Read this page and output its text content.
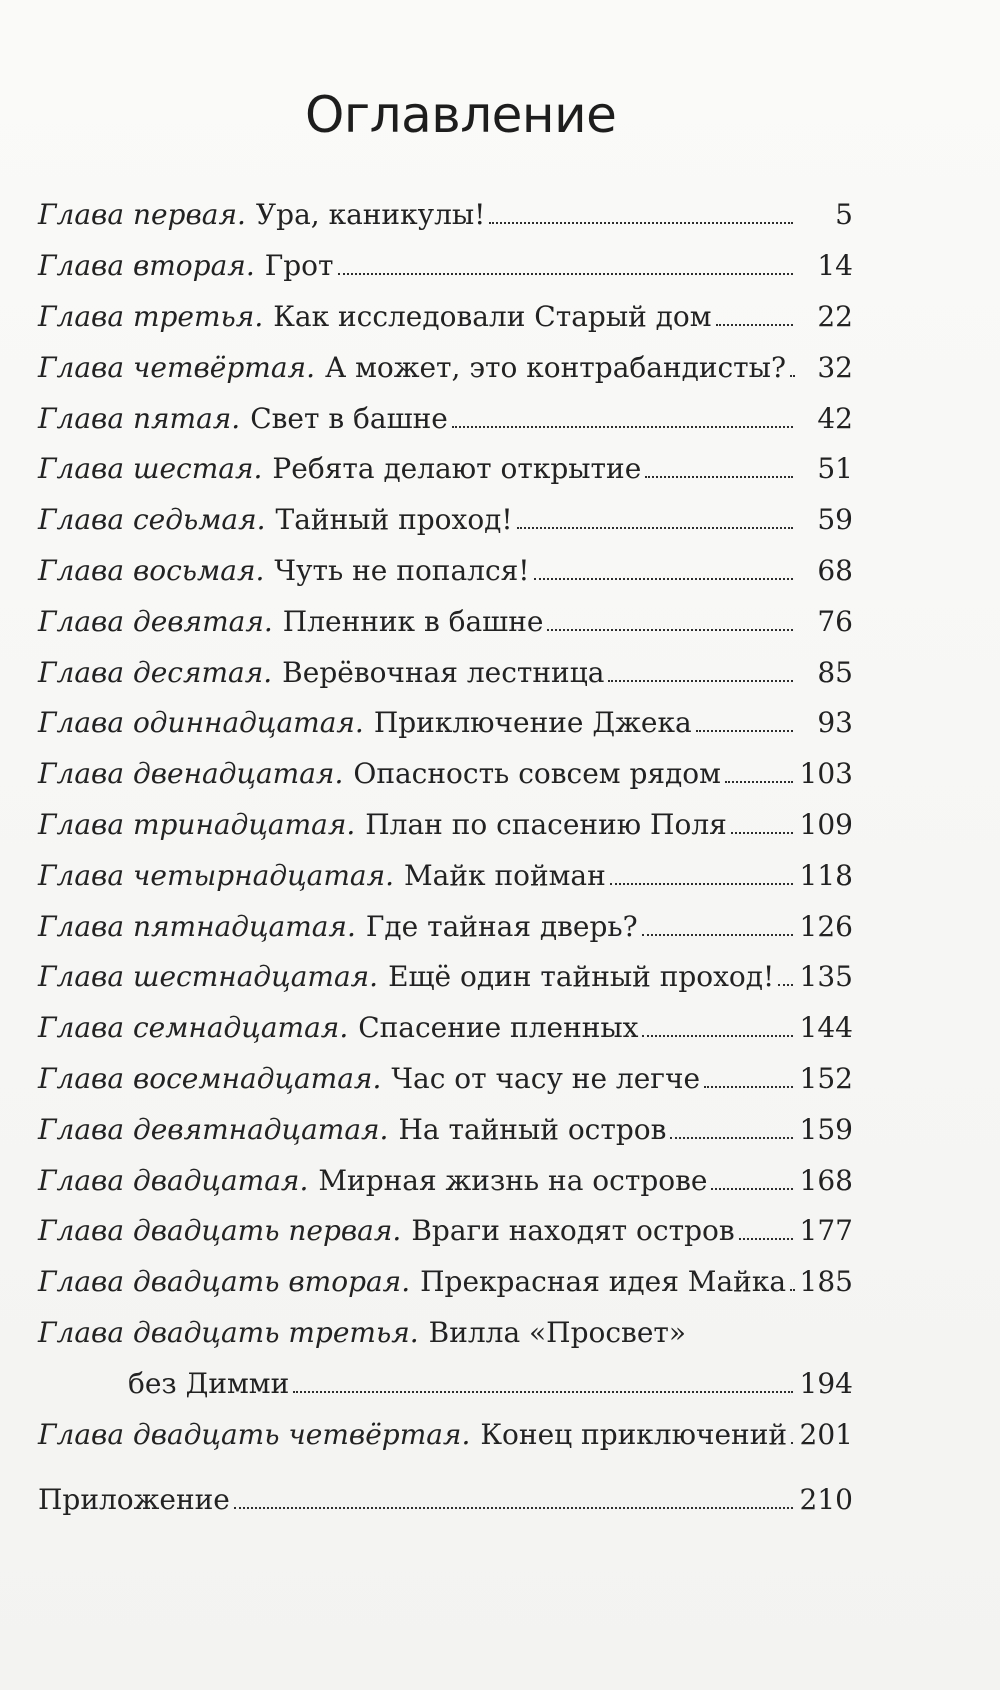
Оглавление
Глава первая. Ура, каникулы!	5
Глава вторая. Грот	14
Глава третья. Как исследовали Старый дом	22
Глава четвёртая. А может, это контрабандисты?	32
Глава пятая. Свет в башне	42
Глава шестая. Ребята делают открытие	51
Глава седьмая. Тайный проход!	59
Глава восьмая. Чуть не попался!	68
Глава девятая. Пленник в башне	76
Глава десятая. Верёвочная лестница	85
Глава одиннадцатая. Приключение Джека	93
Глава двенадцатая. Опасность совсем рядом	103
Глава тринадцатая. План по спасению Поля	109
Глава четырнадцатая. Майк пойман	118
Глава пятнадцатая. Где тайная дверь?	126
Глава шестнадцатая. Ещё один тайный проход! 135
Глава семнадцатая. Спасение пленных	144
Глава восемнадцатая. Час от часу не легче	152
Глава девятнадцатая. На тайный остров	159
Глава двадцатая. Мирная жизнь на острове	168
Глава двадцать первая. Враги находят остров 177
Глава двадцать вторая. Прекрасная идея Майка 185
Глава двадцать третья. Вилла «Просвет»
без Димми	194
Глава двадцать четвёртая. Конец приключений 201
Приложение	210
